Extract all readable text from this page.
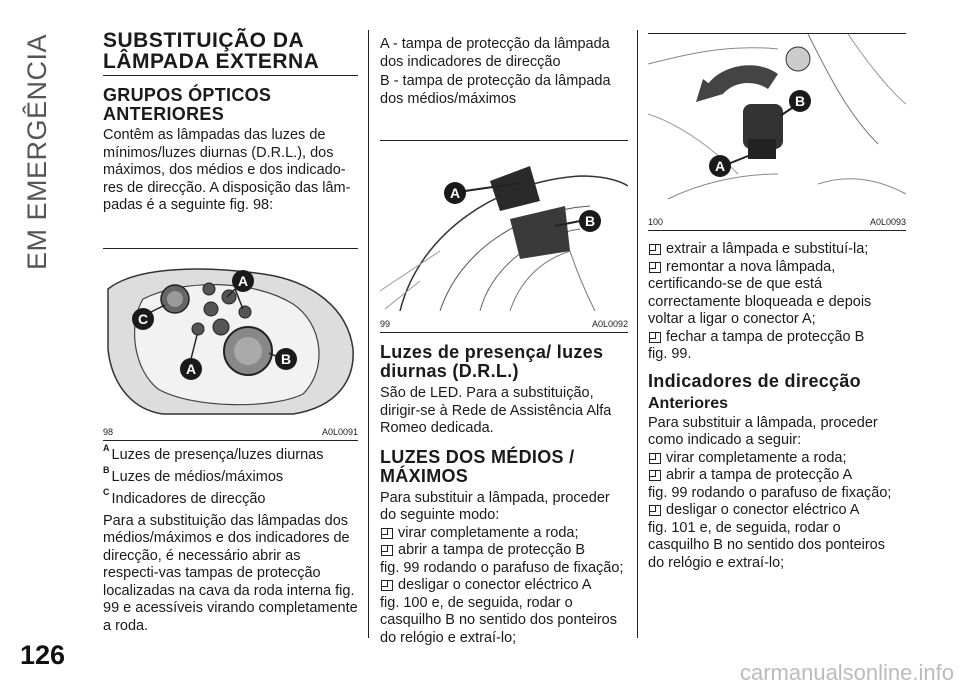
EM EMERGÊNCIA
126
carmanualsonline.info
SUBSTITUIÇÃO DA LÂMPADA EXTERNA
GRUPOS ÓPTICOS ANTERIORES

Contêm as lâmpadas das luzes de mínimos/luzes diurnas (D.R.L.), dos máximos, dos médios e dos indicado-res de direcção. A disposição das lâm-padas é a seguinte fig. 98:

A
C
A
B
98	A0L0091
A Luzes de presença/luzes diurnas
B Luzes de médios/máximos
C Indicadores de direcção

Para a substituição das lâmpadas dos médios/máximos e dos indicadores de direcção, é necessário abrir as respecti-vas tampas de protecção localizadas na cava da roda interna fig. 99 e acessíveis virando completamente a roda.

A - tampa de protecção da lâmpada dos indicadores de direcção

B - tampa de protecção da lâmpada dos médios/máximos

A
B
99	A0L0092
Luzes de presença/ luzes diurnas (D.R.L.)

São de LED. Para a substituição, dirigir-se à Rede de Assistência Alfa Romeo dedicada.

LUZES DOS MÉDIOS / MÁXIMOS

Para substituir a lâmpada, proceder do seguinte modo:

virar completamente a roda;
abrir a tampa de protecção B

fig. 99 rodando o parafuso de fixação;

desligar o conector eléctrico A

fig. 100 e, de seguida, rodar o

casquilho B no sentido dos ponteiros

do relógio e extraí-lo;

A
B
100	A0L0093
extrair a lâmpada e substituí-la;
remontar a nova lâmpada,

certificando-se de que está

correctamente bloqueada e depois

voltar a ligar o conector A;

fechar a tampa de protecção B

fig. 99.

Indicadores de direcção
Anteriores

Para substituir a lâmpada, proceder como indicado a seguir:

virar completamente a roda;
abrir a tampa de protecção A

fig. 99 rodando o parafuso de fixação;

desligar o conector eléctrico A

fig. 101 e, de seguida, rodar o

casquilho B no sentido dos ponteiros

do relógio e extraí-lo;
